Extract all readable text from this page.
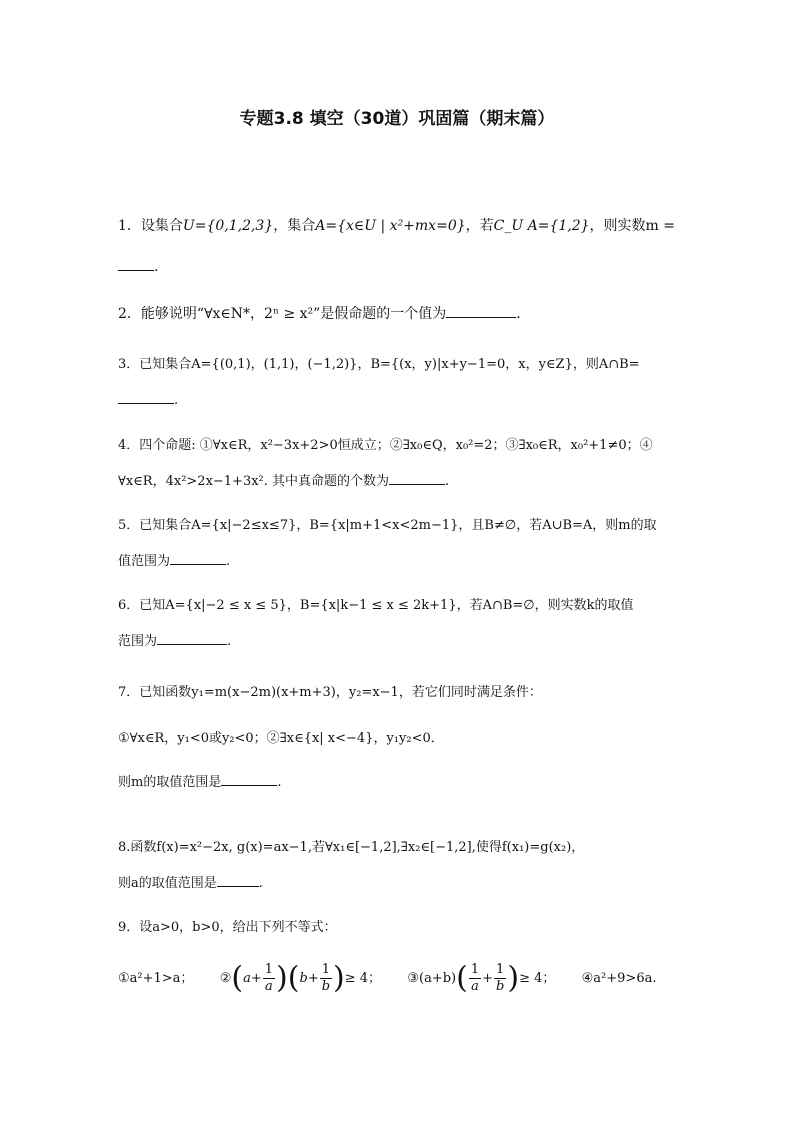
专题3.8 填空（30道）巩固篇（期末篇）
1．设集合U={0,1,2,3}，集合A={x∈U | x²+mx=0}，若C_U A={1,2}，则实数m =
.
2．能够说明“∀x∈N*，2ⁿ ≥ x²”是假命题的一个值为	.
3．已知集合A={(0,1)，(1,1)，(−1,2)}，B={(x，y)|x+y−1=0，x，y∈Z}，则A∩B=
.
4．四个命题: ①∀x∈R，x²−3x+2>0恒成立；②∃x₀∈Q，x₀²=2；③∃x₀∈R，x₀²+1≠0；④
∀x∈R，4x²>2x−1+3x². 其中真命题的个数为	.
5．已知集合A={x|−2≤x≤7}，B={x|m+1<x<2m−1}，且B≠∅，若A∪B=A，则m的取
值范围为	.
6．已知A={x|−2 ≤ x ≤ 5}，B={x|k−1 ≤ x ≤ 2k+1}，若A∩B=∅，则实数k的取值
范围为	.
7．已知函数y₁=m(x−2m)(x+m+3)，y₂=x−1，若它们同时满足条件：
①∀x∈R，y₁<0或y₂<0；②∃x∈{x| x<−4}，y₁y₂<0．
则m的取值范围是	.
8.函数f(x)=x²−2x, g(x)=ax−1,若∀x₁∈[−1,2],∃x₂∈[−1,2],使得f(x₁)=g(x₂)，
则a的取值范围是	.
9．设a>0，b>0，给出下列不等式：
①a²+1>a； ②(a+ $\frac{1}{a} )(b+ \frac{1}{b}$ )≥ 4； ③(a+b)( $\frac{1}{a} + \frac{1}{b}$ )≥ 4； ④a²+9>6a.
